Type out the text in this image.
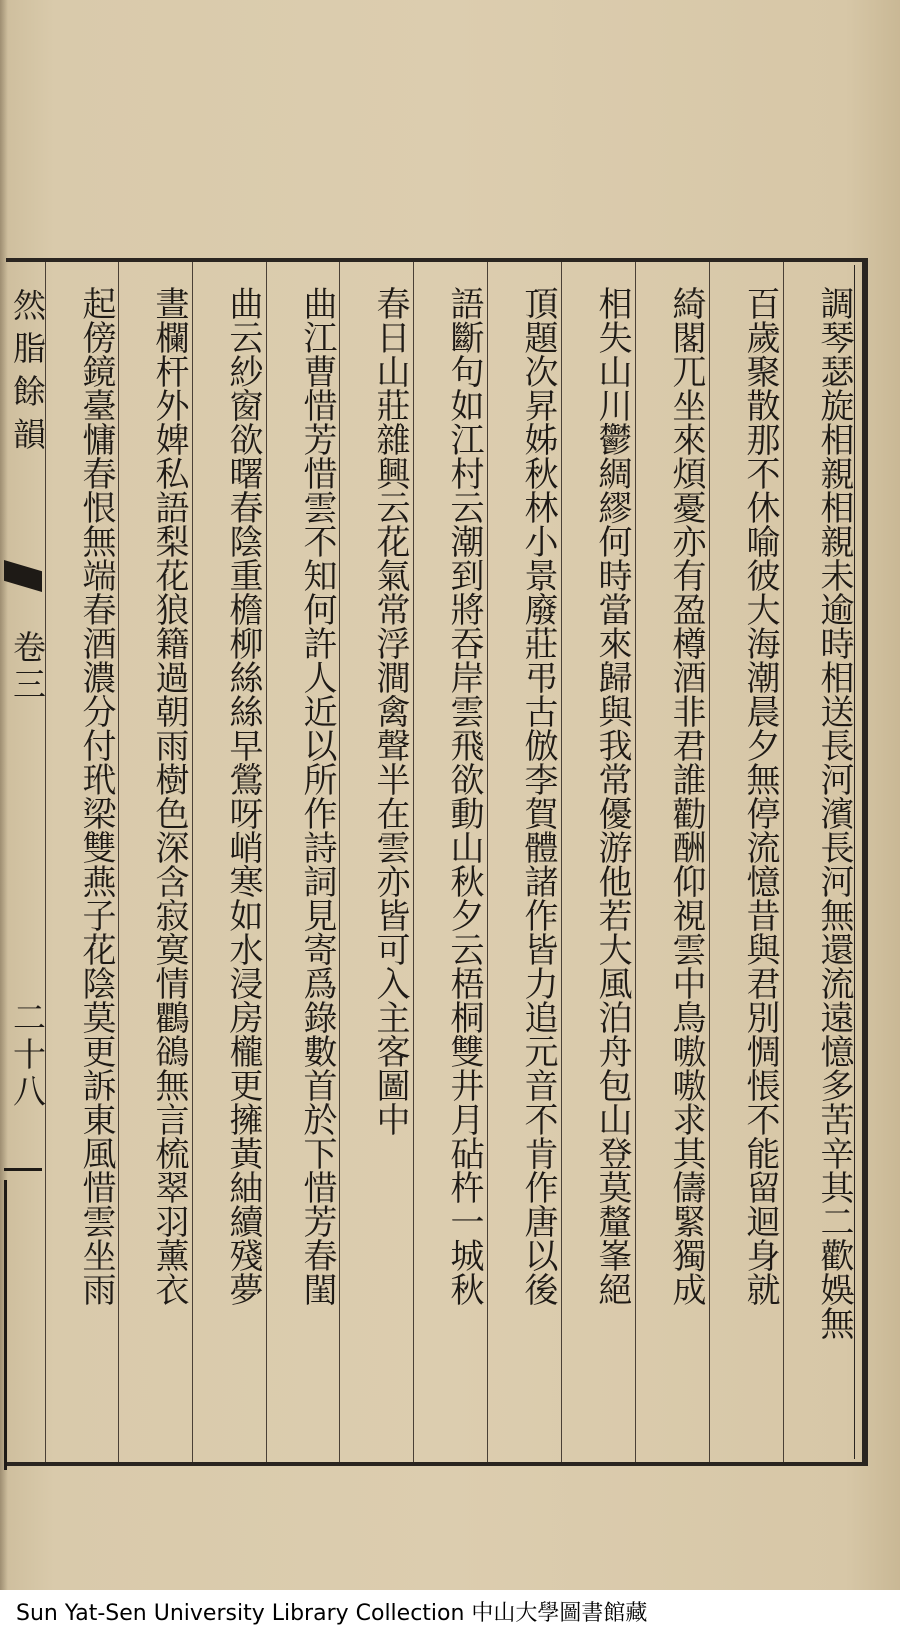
然脂餘韻
卷三
二十八	調琴瑟旋相親相親未逾時相送長河濱長河無還流遠憶多苦辛其二歡娛無
百歲聚散那不休喻彼大海潮晨夕無停流憶昔與君別惆悵不能留迴身就
綺閣兀坐來煩憂亦有盈樽酒非君誰勸酬仰視雲中鳥嗷嗷求其儔緊獨成
相失山川鬱綢繆何時當來歸與我常優游他若大風泊舟包山登莫釐峯絕
頂題次昇姊秋林小景廢莊弔古倣李賀體諸作皆力追元音不肯作唐以後
語斷句如江村云潮到將吞岸雲飛欲動山秋夕云梧桐雙井月砧杵一城秋
春日山莊雜興云花氣常浮澗禽聲半在雲亦皆可入主客圖中
曲江曹惜芳惜雲不知何許人近以所作詩詞見寄爲錄數首於下惜芳春閨
曲云紗窗欲曙春陰重檐柳絲絲早鶯呀峭寒如水浸房櫳更擁黃紬續殘夢
晝欄杆外婢私語梨花狼籍過朝雨樹色深含寂寞情鸜鵒無言梳翠羽薰衣
起傍鏡臺慵春恨無端春酒濃分付玳梁雙燕子花陰莫更訴東風惜雲坐雨
Sun Yat-Sen University Library Collection 中山大學圖書館藏
